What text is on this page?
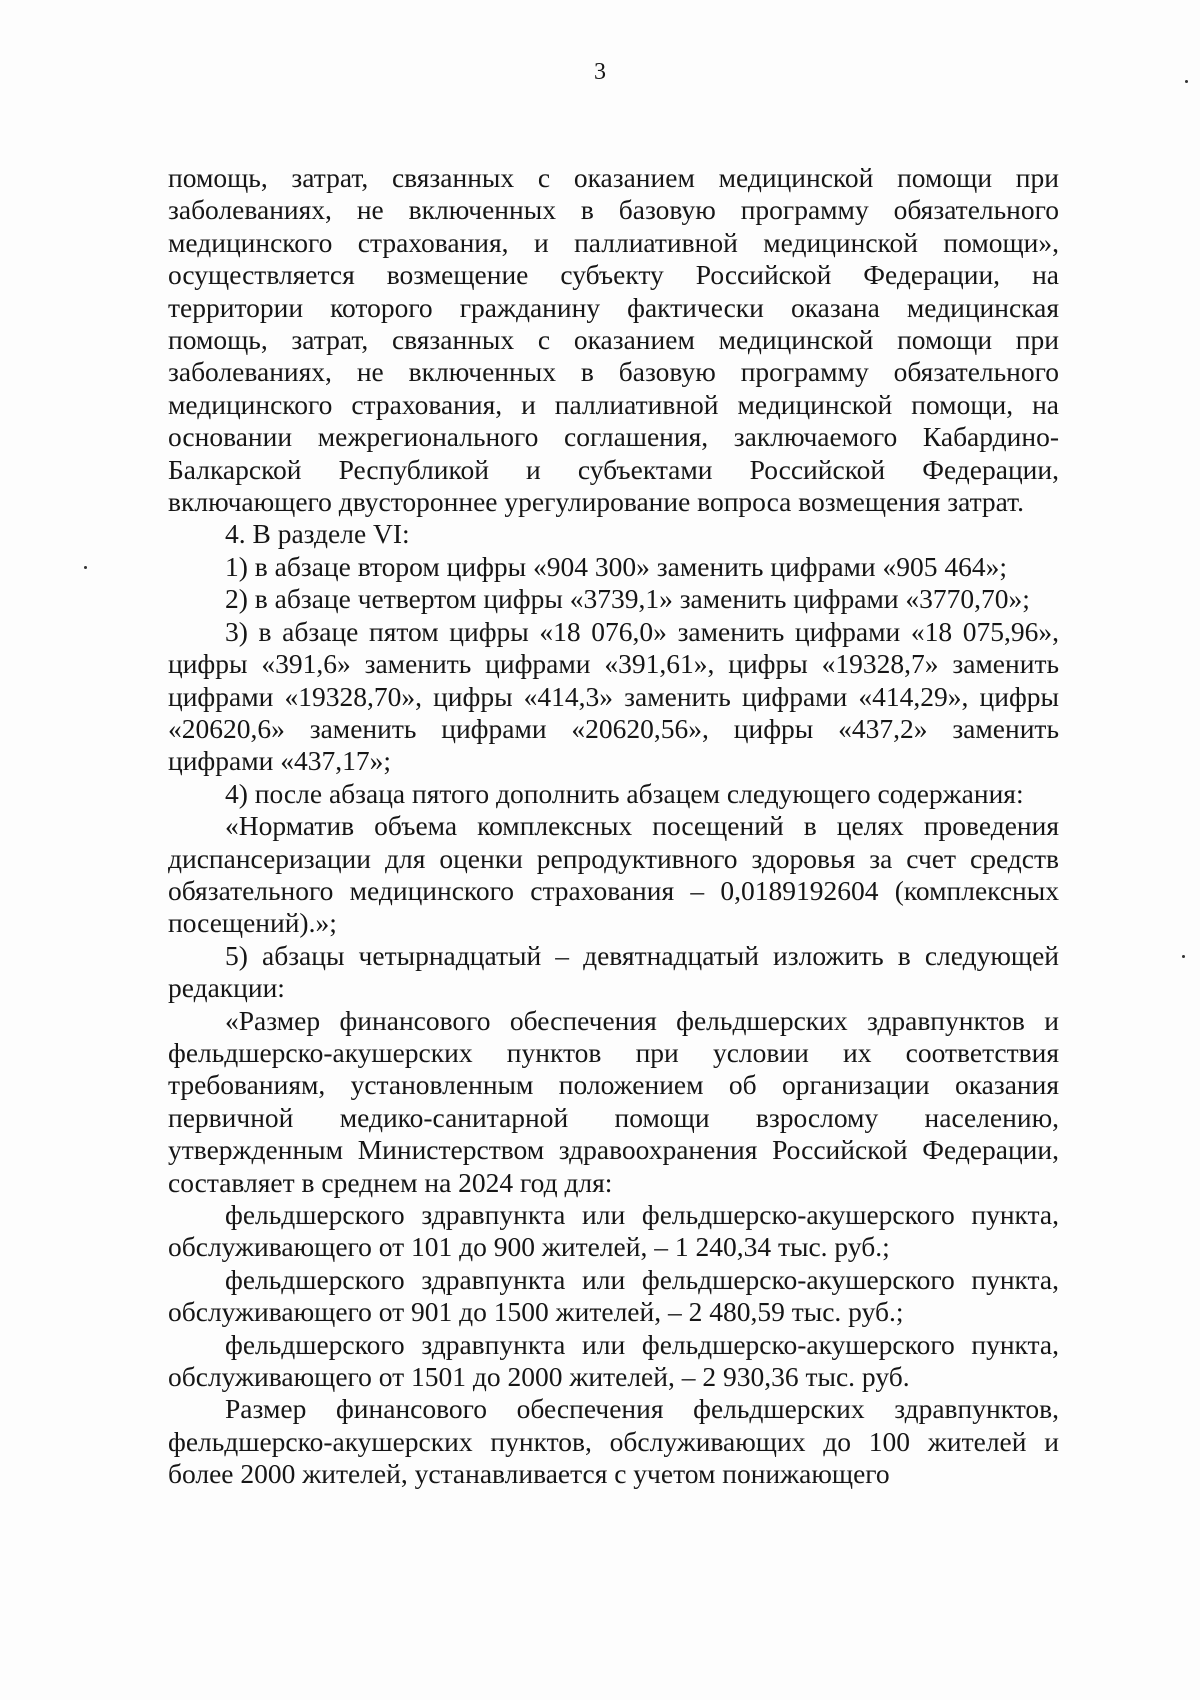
3

помощь, затрат, связанных с оказанием медицинской помощи при заболеваниях, не включенных в базовую программу обязательного медицинского страхования, и паллиативной медицинской помощи», осуществляется возмещение субъекту Российской Федерации, на территории которого гражданину фактически оказана медицинская помощь, затрат, связанных с оказанием медицинской помощи при заболеваниях, не включенных в базовую программу обязательного медицинского страхования, и паллиативной медицинской помощи, на основании межрегионального соглашения, заключаемого Кабардино-Балкарской Республикой и субъектами Российской Федерации, включающего двустороннее урегулирование вопроса возмещения затрат.

4. В разделе VI:

1) в абзаце втором цифры «904 300» заменить цифрами «905 464»;

2) в абзаце четвертом цифры «3739,1» заменить цифрами «3770,70»;

3) в абзаце пятом цифры «18 076,0» заменить цифрами «18 075,96», цифры «391,6» заменить цифрами «391,61», цифры «19328,7» заменить цифрами «19328,70», цифры «414,3» заменить цифрами «414,29», цифры «20620,6» заменить цифрами «20620,56», цифры «437,2» заменить цифрами «437,17»;

4) после абзаца пятого дополнить абзацем следующего содержания:

«Норматив объема комплексных посещений в целях проведения диспансеризации для оценки репродуктивного здоровья за счет средств обязательного медицинского страхования – 0,0189192604 (комплексных посещений).»;

5) абзацы четырнадцатый – девятнадцатый изложить в следующей редакции:

«Размер финансового обеспечения фельдшерских здравпунктов и фельдшерско-акушерских пунктов при условии их соответствия требованиям, установленным положением об организации оказания первичной медико-санитарной помощи взрослому населению, утвержденным Министерством здравоохранения Российской Федерации, составляет в среднем на 2024 год для:

фельдшерского здравпункта или фельдшерско-акушерского пункта, обслуживающего от 101 до 900 жителей, – 1 240,34 тыс. руб.;

фельдшерского здравпункта или фельдшерско-акушерского пункта, обслуживающего от 901 до 1500 жителей, – 2 480,59 тыс. руб.;

фельдшерского здравпункта или фельдшерско-акушерского пункта, обслуживающего от 1501 до 2000 жителей, – 2 930,36 тыс. руб.

Размер финансового обеспечения фельдшерских здравпунктов, фельдшерско-акушерских пунктов, обслуживающих до 100 жителей и более 2000 жителей, устанавливается с учетом понижающего
